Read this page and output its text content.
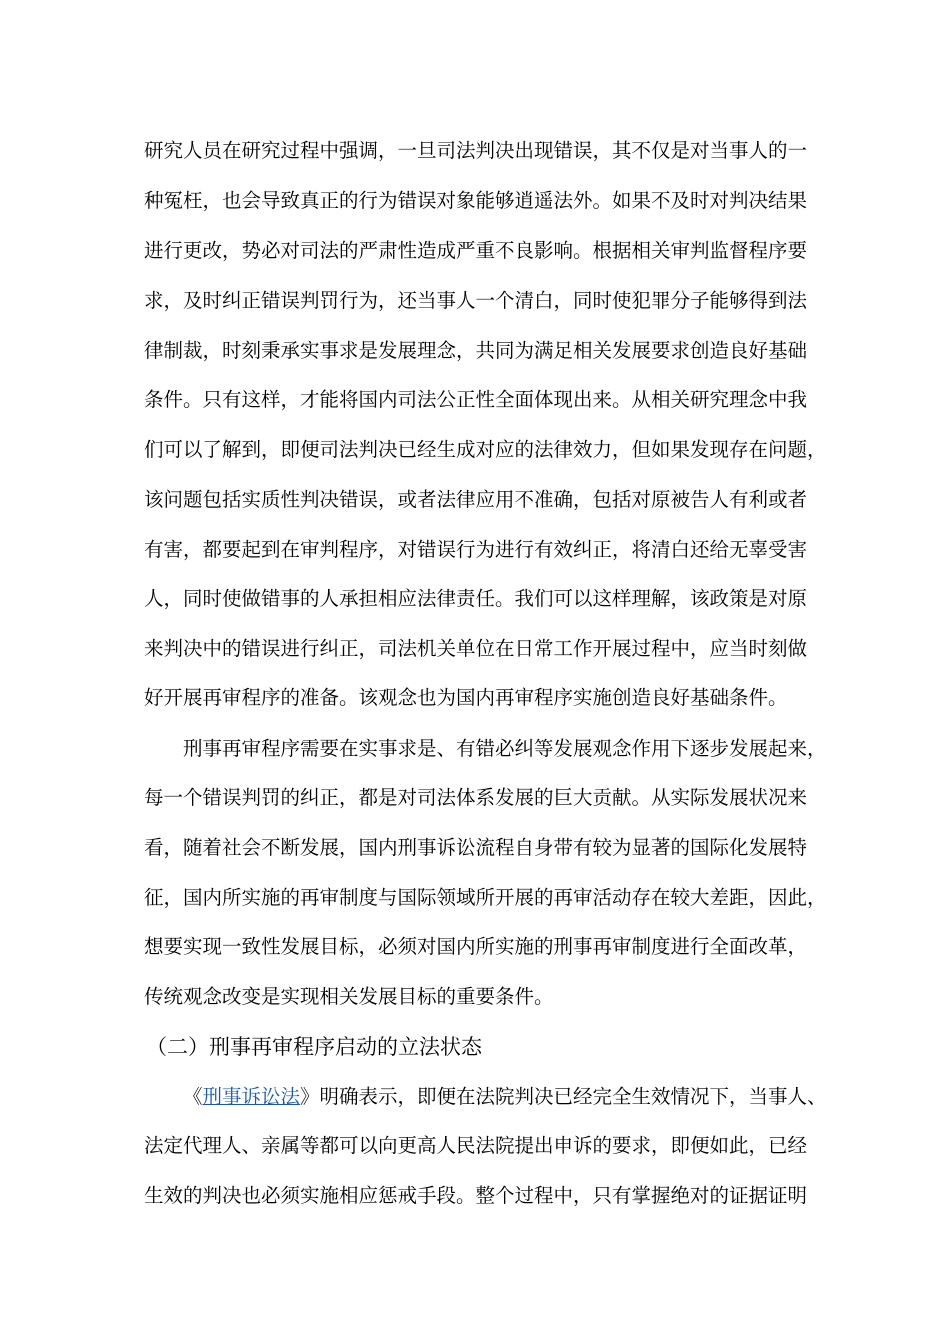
研究人员在研究过程中强调，一旦司法判决出现错误，其不仅是对当事人的一
种冤枉，也会导致真正的行为错误对象能够逍遥法外。如果不及时对判决结果
进行更改，势必对司法的严肃性造成严重不良影响。根据相关审判监督程序要
求，及时纠正错误判罚行为，还当事人一个清白，同时使犯罪分子能够得到法
律制裁，时刻秉承实事求是发展理念，共同为满足相关发展要求创造良好基础
条件。只有这样，才能将国内司法公正性全面体现出来。从相关研究理念中我
们可以了解到，即便司法判决已经生成对应的法律效力，但如果发现存在问题，
该问题包括实质性判决错误，或者法律应用不准确，包括对原被告人有利或者
有害，都要起到在审判程序，对错误行为进行有效纠正，将清白还给无辜受害
人，同时使做错事的人承担相应法律责任。我们可以这样理解，该政策是对原
来判决中的错误进行纠正，司法机关单位在日常工作开展过程中，应当时刻做
好开展再审程序的准备。该观念也为国内再审程序实施创造良好基础条件。
刑事再审程序需要在实事求是、有错必纠等发展观念作用下逐步发展起来，
每一个错误判罚的纠正，都是对司法体系发展的巨大贡献。从实际发展状况来
看，随着社会不断发展，国内刑事诉讼流程自身带有较为显著的国际化发展特
征，国内所实施的再审制度与国际领域所开展的再审活动存在较大差距，因此，
想要实现一致性发展目标，必须对国内所实施的刑事再审制度进行全面改革，
传统观念改变是实现相关发展目标的重要条件。
（二）刑事再审程序启动的立法状态
《刑事诉讼法》明确表示，即便在法院判决已经完全生效情况下，当事人、
法定代理人、亲属等都可以向更高人民法院提出申诉的要求，即便如此，已经
生效的判决也必须实施相应惩戒手段。整个过程中，只有掌握绝对的证据证明
